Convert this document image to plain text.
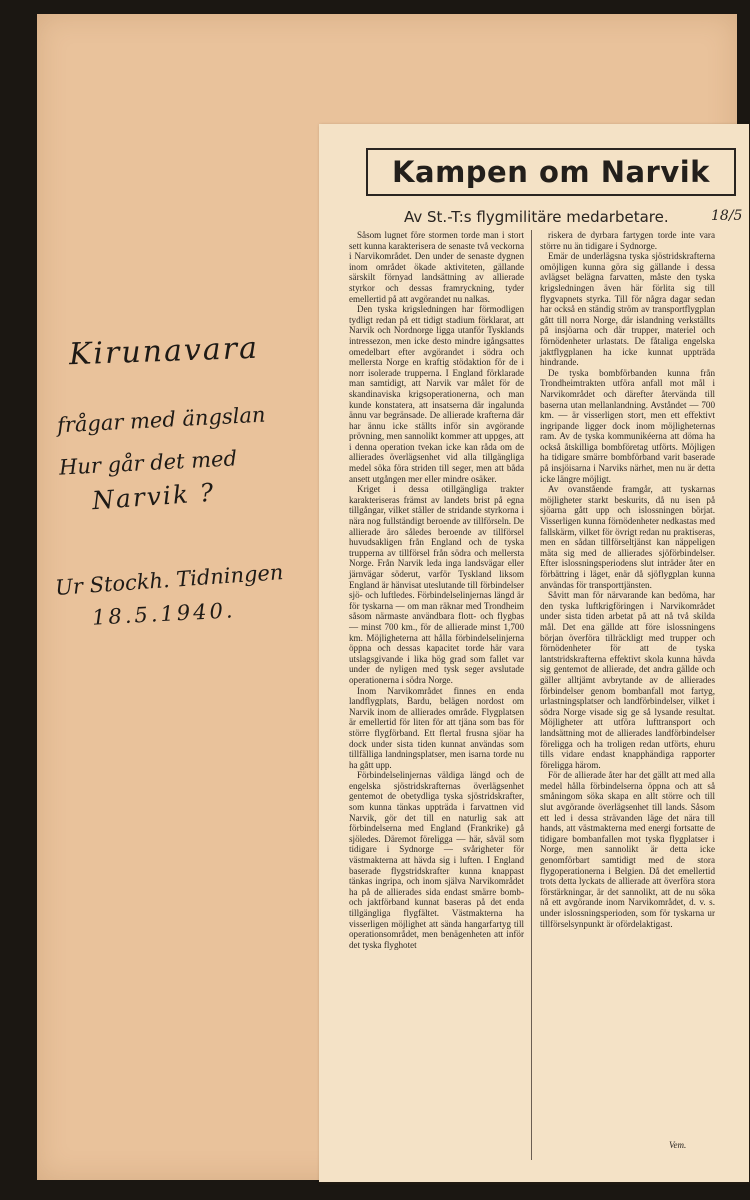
Kirunavara
frågar med ängslan
Hur går det med
Narvik ?
Ur Stockh. Tidningen
18.5.1940.
Kampen om Narvik
Av St.-T:s flygmilitäre medarbetare.	18/5

Såsom lugnet före stormen torde man i stort sett kunna karakterisera de senaste två veckorna i Narvikområdet. Den under de senaste dygnen inom området ökade aktiviteten, gällande särskilt förnyad landsättning av allierade styrkor och dessas framryckning, tyder emellertid på att avgörandet nu nalkas.

Den tyska krigsledningen har förmodligen tydligt redan på ett tidigt stadium förklarat, att Narvik och Nordnorge ligga utanför Tysklands intressezon, men icke desto mindre igångsattes omedelbart efter avgörandet i södra och mellersta Norge en kraftig stödaktion för de i norr isolerade trupperna. I England förklarade man samtidigt, att Narvik var målet för de skandinaviska krigsoperationerna, och man kunde konstatera, att insatserna där ingalunda ännu var begränsade. De allierade krafterna där har ännu icke ställts inför sin avgörande prövning, men sannolikt kommer att uppges, att i denna operation tvekan icke kan råda om de allierades överlägsenhet vid alla tillgängliga medel söka föra striden till seger, men att båda ansett utgången mer eller mindre osäker.

Kriget i dessa otillgängliga trakter karakteriseras främst av landets brist på egna tillgångar, vilket ställer de stridande styrkorna i nära nog fullständigt beroende av tillförseln. De allierade äro således beroende av tillförsel huvudsakligen från England och de tyska trupperna av tillförsel från södra och mellersta Norge. Från Narvik leda inga landsvägar eller järnvägar söderut, varför Tyskland liksom England är hänvisat uteslutande till förbindelser sjö- och luftledes. Förbindelselinjernas längd är för tyskarna — om man räknar med Trondheim såsom närmaste användbara flott- och flygbas — minst 700 km., för de allierade minst 1,700 km. Möjligheterna att hålla förbindelselinjerna öppna och dessas kapacitet torde här vara utslagsgivande i lika hög grad som fallet var under de nyligen med tysk seger avslutade operationerna i södra Norge.

Inom Narvikområdet finnes en enda landflygplats, Bardu, belägen nordost om Narvik inom de allierades område. Flygplatsen är emellertid för liten för att tjäna som bas för större flygförband. Ett flertal frusna sjöar ha dock under sista tiden kunnat användas som tillfälliga landningsplatser, men isarna torde nu ha gått upp.

Förbindelselinjernas väldiga längd och de engelska sjöstridskrafternas överlägsenhet gentemot de obetydliga tyska sjöstridskrafter, som kunna tänkas uppträda i farvattnen vid Narvik, gör det till en naturlig sak att förbindelserna med England (Frankrike) gå sjöledes. Däremot föreligga — här, såväl som tidigare i Sydnorge — svårigheter för västmakterna att hävda sig i luften. I England baserade flygstridskrafter kunna knappast tänkas ingripa, och inom själva Narvikområdet ha på de allierades sida endast smärre bomb- och jaktförband kunnat baseras på det enda tillgängliga flygfältet. Västmakterna ha visserligen möjlighet att sända hangarfartyg till operationsområdet, men benägenheten att inför det tyska flyghotet

riskera de dyrbara fartygen torde inte vara större nu än tidigare i Sydnorge.

Emär de underlägsna tyska sjöstridskrafterna omöjligen kunna göra sig gällande i dessa avlägset belägna farvatten, måste den tyska krigsledningen även här förlita sig till flygvapnets styrka. Till för några dagar sedan har också en ständig ström av transportflygplan gått till norra Norge, där islandning verkställts på insjöarna och där trupper, materiel och förnödenheter urlastats. De fåtaliga engelska jaktflygplanen ha icke kunnat uppträda hindrande.

De tyska bombförbanden kunna från Trondheimtrakten utföra anfall mot mål i Narvikområdet och därefter återvända till baserna utan mellanlandning. Avståndet — 700 km. — är visserligen stort, men ett effektivt ingripande ligger dock inom möjligheternas ram. Av de tyska kommunikéerna att döma ha också åtskilliga bombföretag utförts. Möjligen ha tidigare smärre bombförband varit baserade på insjöisarna i Narviks närhet, men nu är detta icke längre möjligt.

Av ovanstående framgår, att tyskarnas möjligheter starkt beskurits, då nu isen på sjöarna gått upp och islossningen börjat. Visserligen kunna förnödenheter nedkastas med fallskärm, vilket för övrigt redan nu praktiseras, men en sådan tillförseltjänst kan näppeligen mäta sig med de allierades sjöförbindelser. Efter islossningsperiodens slut inträder åter en förbättring i läget, enär då sjöflygplan kunna användas för transporttjänsten.

Såvitt man för närvarande kan bedöma, har den tyska luftkrigföringen i Narvikområdet under sista tiden arbetat på att nå två skilda mål. Det ena gällde att före islossningens början överföra tillräckligt med trupper och förnödenheter för att de tyska lantstridskrafterna effektivt skola kunna hävda sig gentemot de allierade, det andra gällde och gäller alltjämt avbrytande av de allierades förbindelser genom bombanfall mot fartyg, urlastningsplatser och landförbindelser, vilket i södra Norge visade sig ge så lysande resultat. Möjligheter att utföra lufttransport och landsättning mot de allierades landförbindelser föreligga och ha troligen redan utförts, ehuru tills vidare endast knapphändiga rapporter föreligga härom.

För de allierade åter har det gällt att med alla medel hålla förbindelserna öppna och att så småningom söka skapa en allt större och till slut avgörande överlägsenhet till lands. Såsom ett led i dessa strävanden läge det nära till hands, att västmakterna med energi fortsatte de tidigare bombanfallen mot tyska flygplatser i Norge, men sannolikt är detta icke genomförbart samtidigt med de stora flygoperationerna i Belgien. Då det emellertid trots detta lyckats de allierade att överföra stora förstärkningar, är det sannolikt, att de nu söka nå ett avgörande inom Narvikområdet, d. v. s. under islossningsperioden, som för tyskarna ur tillförselsynpunkt är ofördelaktigast.

Vem.
